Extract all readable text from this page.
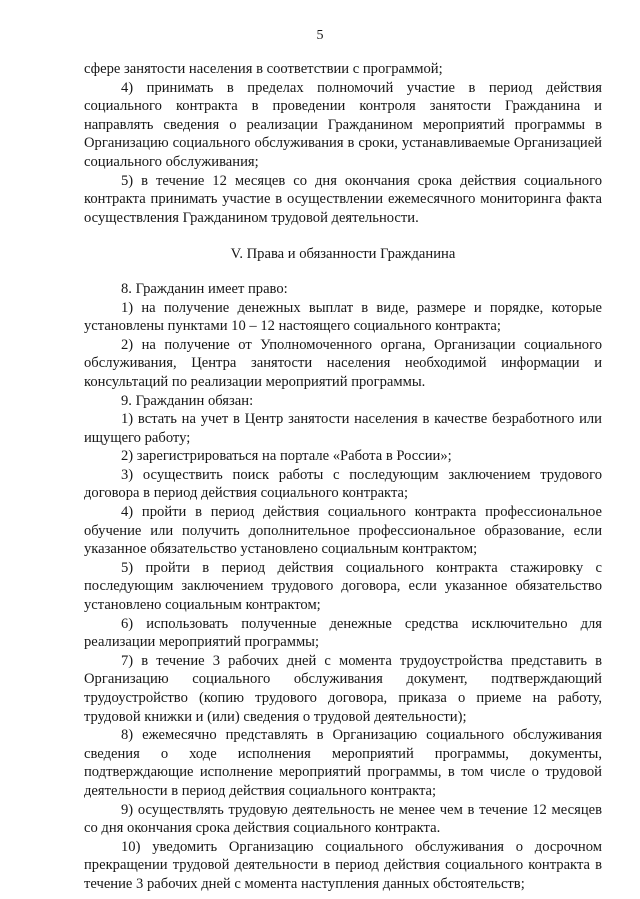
5

сфере занятости населения в соответствии с программой;

4) принимать в пределах полномочий участие в период действия социального контракта в проведении контроля занятости Гражданина и направлять сведения о реализации Гражданином мероприятий программы в Организацию социального обслуживания в сроки, устанавливаемые Организацией социального обслуживания;

5) в течение 12 месяцев со дня окончания срока действия социального контракта принимать участие в осуществлении ежемесячного мониторинга факта осуществления Гражданином трудовой деятельности.

V. Права и обязанности Гражданина

8. Гражданин имеет право:

1) на получение денежных выплат в виде, размере и порядке, которые установлены пунктами 10 – 12 настоящего социального контракта;

2) на получение от Уполномоченного органа, Организации социального обслуживания, Центра занятости населения необходимой информации и консультаций по реализации мероприятий программы.

9. Гражданин обязан:

1) встать на учет в Центр занятости населения в качестве безработного или ищущего работу;

2) зарегистрироваться на портале «Работа в России»;

3) осуществить поиск работы с последующим заключением трудового договора в период действия социального контракта;

4) пройти в период действия социального контракта профессиональное обучение или получить дополнительное профессиональное образование, если указанное обязательство установлено социальным контрактом;

5) пройти в период действия социального контракта стажировку с последующим заключением трудового договора, если указанное обязательство установлено социальным контрактом;

6) использовать полученные денежные средства исключительно для реализации мероприятий программы;

7) в течение 3 рабочих дней с момента трудоустройства представить в Организацию социального обслуживания документ, подтверждающий трудоустройство (копию трудового договора, приказа о приеме на работу, трудовой книжки и (или) сведения о трудовой деятельности);

8) ежемесячно представлять в Организацию социального обслуживания сведения о ходе исполнения мероприятий программы, документы, подтверждающие исполнение мероприятий программы, в том числе о трудовой деятельности в период действия социального контракта;

9) осуществлять трудовую деятельность не менее чем в течение 12 месяцев со дня окончания срока действия социального контракта.

10) уведомить Организацию социального обслуживания о досрочном прекращении трудовой деятельности в период действия социального контракта в течение 3 рабочих дней с момента наступления данных обстоятельств;
